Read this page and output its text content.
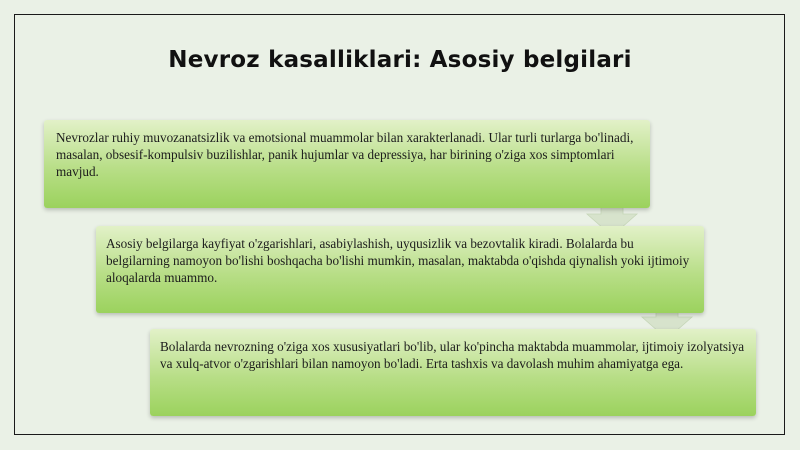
Nevroz kasalliklari: Asosiy belgilari
Nevrozlar ruhiy muvozanatsizlik va emotsional muammolar bilan xarakterlanadi. Ular turli turlarga bo'linadi, masalan, obsesif-kompulsiv buzilishlar, panik hujumlar va depressiya, har birining o'ziga xos simptomlari mavjud.
Asosiy belgilarga kayfiyat o'zgarishlari, asabiylashish, uyqusizlik va bezovtalik kiradi. Bolalarda bu belgilarning namoyon bo'lishi boshqacha bo'lishi mumkin, masalan, maktabda o'qishda qiynalish yoki ijtimoiy aloqalarda muammo.
Bolalarda nevrozning o'ziga xos xususiyatlari bo'lib, ular ko'pincha maktabda muammolar, ijtimoiy izolyatsiya va xulq-atvor o'zgarishlari bilan namoyon bo'ladi. Erta tashxis va davolash muhim ahamiyatga ega.
